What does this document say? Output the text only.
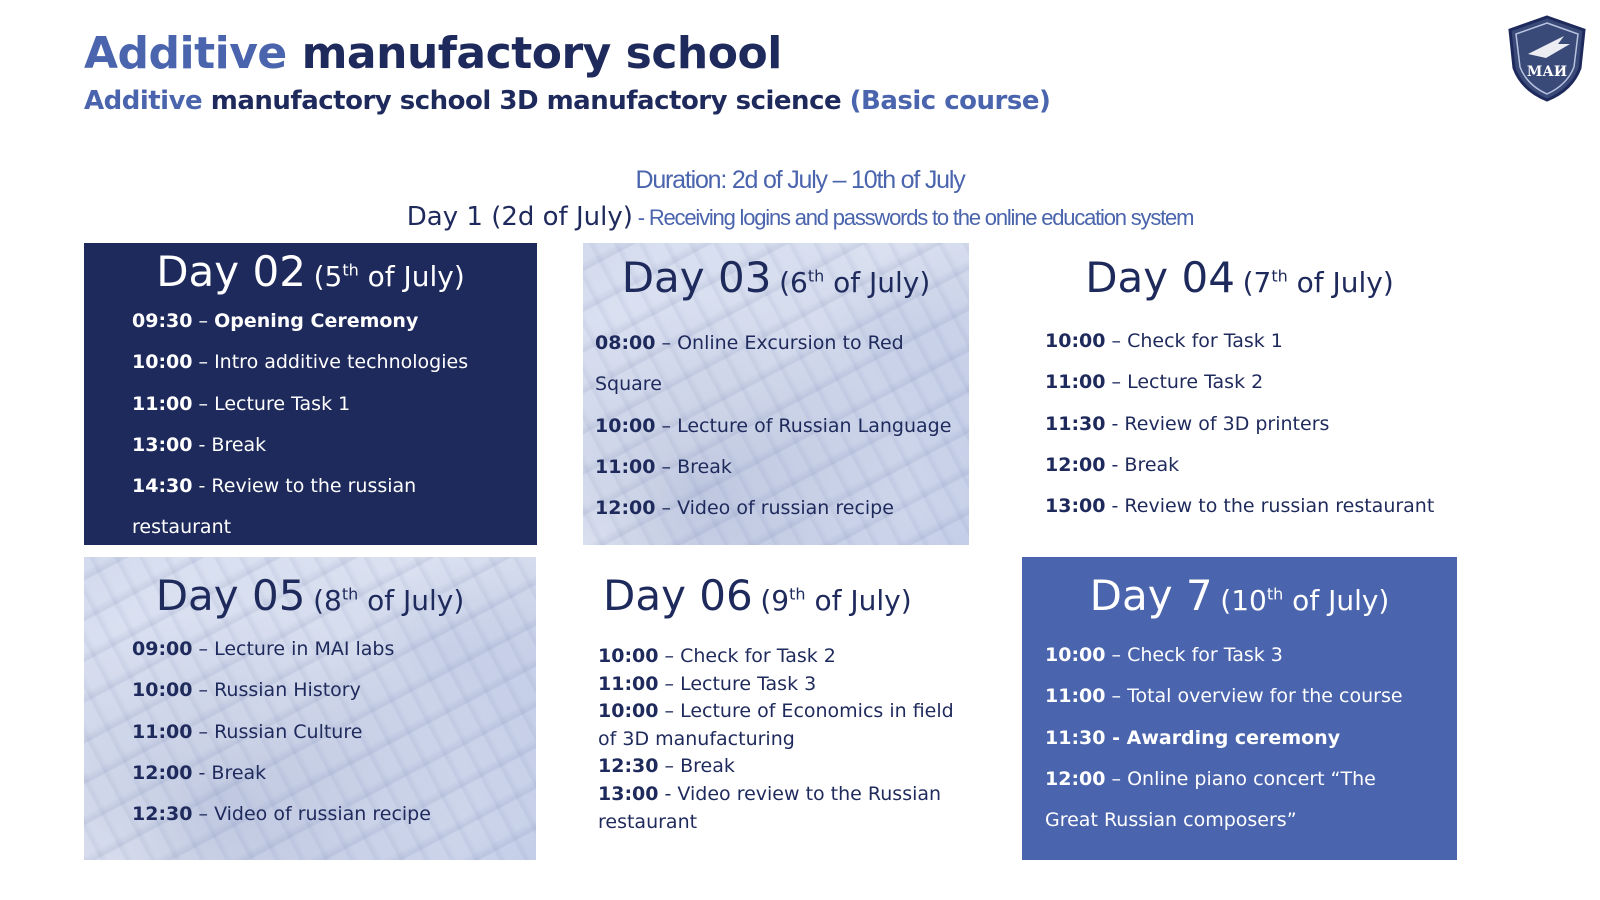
Additive manufactory school
Additive manufactory school 3D manufactory science (Basic course)
МАИ
Duration: 2d of July – 10th of July
Day 1 (2d of July) - Receiving logins and passwords to the online education system
Day 02 (5th of July)
09:30 – Opening Ceremony
10:00 – Intro additive technologies
11:00 – Lecture Task 1
13:00 - Break
14:30 - Review to the russian
restaurant
Day 03 (6th of July)
08:00 – Online Excursion to Red
Square
10:00 – Lecture of Russian Language
11:00 – Break
12:00 – Video of russian recipe
Day 04 (7th of July)
10:00 – Check for Task 1
11:00 – Lecture Task 2
11:30 - Review of 3D printers
12:00 - Break
13:00 - Review to the russian restaurant
Day 05 (8th of July)
09:00 – Lecture in MAI labs
10:00 – Russian History
11:00 – Russian Culture
12:00 - Break
12:30 – Video of russian recipe
Day 06 (9th of July)
10:00 – Check for Task 2
11:00 – Lecture Task 3
10:00 – Lecture of Economics in field
of 3D manufacturing
12:30 – Break
13:00 - Video review to the Russian
restaurant
Day 7 (10th of July)
10:00 – Check for Task 3
11:00 – Total overview for the course
11:30 - Awarding ceremony
12:00 – Online piano concert “The
Great Russian composers”
